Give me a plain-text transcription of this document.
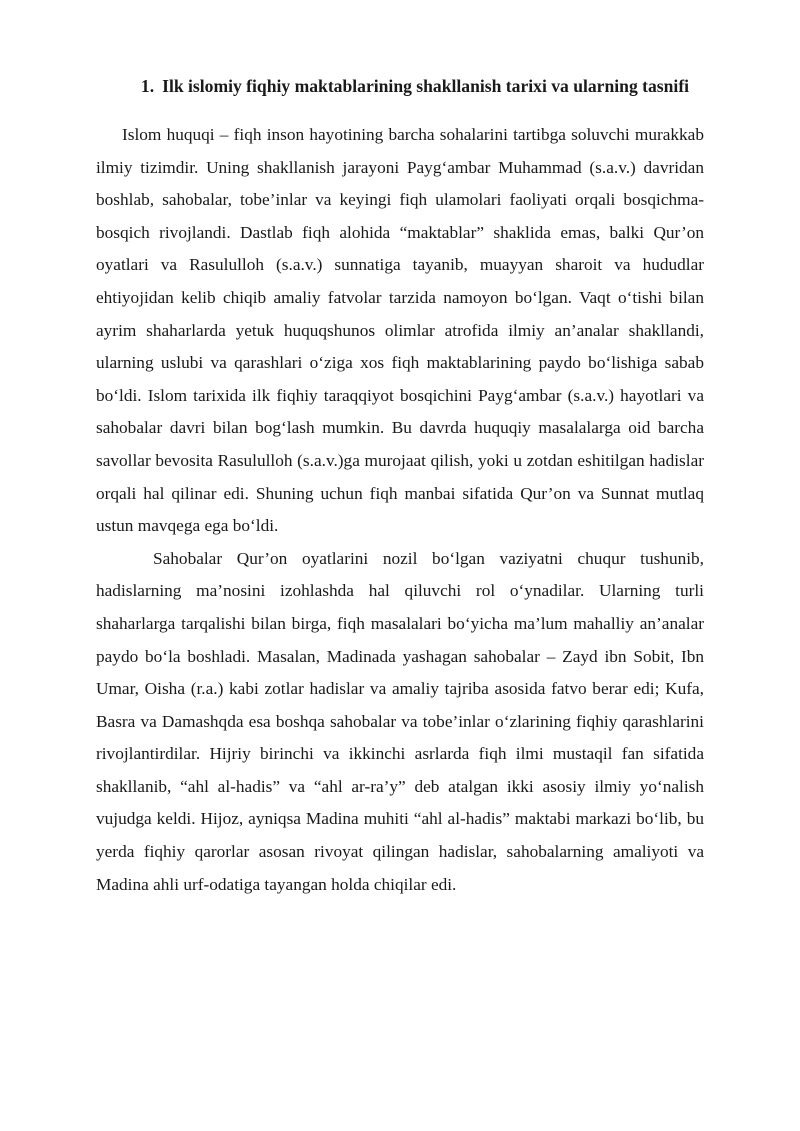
1. Ilk islomiy fiqhiy maktablarining shakllanish tarixi va ularning tasnifi

Islom huquqi – fiqh inson hayotining barcha sohalarini tartibga soluvchi murakkab ilmiy tizimdir. Uning shakllanish jarayoni Payg‘ambar Muhammad (s.a.v.) davridan boshlab, sahobalar, tobe’inlar va keyingi fiqh ulamolari faoliyati orqali bosqichma-bosqich rivojlandi. Dastlab fiqh alohida “maktablar” shaklida emas, balki Qur’on oyatlari va Rasululloh (s.a.v.) sunnatiga tayanib, muayyan sharoit va hududlar ehtiyojidan kelib chiqib amaliy fatvolar tarzida namoyon bo‘lgan. Vaqt o‘tishi bilan ayrim shaharlarda yetuk huquqshunos olimlar atrofida ilmiy an’analar shakllandi, ularning uslubi va qarashlari o‘ziga xos fiqh maktablarining paydo bo‘lishiga sabab bo‘ldi. Islom tarixida ilk fiqhiy taraqqiyot bosqichini Payg‘ambar (s.a.v.) hayotlari va sahobalar davri bilan bog‘lash mumkin. Bu davrda huquqiy masalalarga oid barcha savollar bevosita Rasululloh (s.a.v.)ga murojaat qilish, yoki u zotdan eshitilgan hadislar orqali hal qilinar edi. Shuning uchun fiqh manbai sifatida Qur’on va Sunnat mutlaq ustun mavqega ega bo‘ldi.

Sahobalar Qur’on oyatlarini nozil bo‘lgan vaziyatni chuqur tushunib, hadislarning ma’nosini izohlashda hal qiluvchi rol o‘ynadilar. Ularning turli shaharlarga tarqalishi bilan birga, fiqh masalalari bo‘yicha ma’lum mahalliy an’analar paydo bo‘la boshladi. Masalan, Madinada yashagan sahobalar – Zayd ibn Sobit, Ibn Umar, Oisha (r.a.) kabi zotlar hadislar va amaliy tajriba asosida fatvo berar edi; Kufa, Basra va Damashqda esa boshqa sahobalar va tobe’inlar o‘zlarining fiqhiy qarashlarini rivojlantirdilar. Hijriy birinchi va ikkinchi asrlarda fiqh ilmi mustaqil fan sifatida shakllanib, “ahl al-hadis” va “ahl ar-ra’y” deb atalgan ikki asosiy ilmiy yo‘nalish vujudga keldi. Hijoz, ayniqsa Madina muhiti “ahl al-hadis” maktabi markazi bo‘lib, bu yerda fiqhiy qarorlar asosan rivoyat qilingan hadislar, sahobalarning amaliyoti va Madina ahli urf-odatiga tayangan holda chiqilar edi.
